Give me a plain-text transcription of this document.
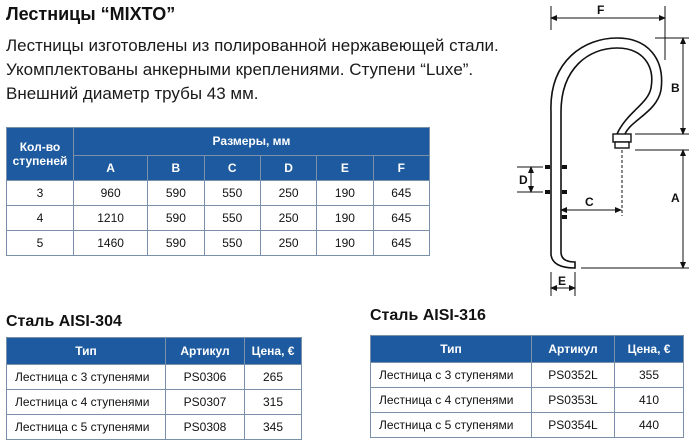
Лестницы “MIXTO”
Лестницы изготовлены из полированной нержавеющей стали.
Укомплектованы анкерными креплениями. Ступени “Luxe”.
Внешний диаметр трубы 43 мм.
Кол-во
ступеней	Размеры, мм					
	A	B	C	D	E	F
3	960	590	550	250	190	645
4	1210	590	550	250	190	645
5	1460	590	550	250	190	645
Сталь AISI-304
Тип	Артикул	Цена, €
Лестница с 3 ступенями	PS0306	265
Лестница с 4 ступенями	PS0307	315
Лестница с 5 ступенями	PS0308	345
Сталь AISI-316
Тип	Артикул	Цена, €
Лестница с 3 ступенями	PS0352L	355
Лестница с 4 ступенями	PS0353L	410
Лестница с 5 ступенями	PS0354L	440
F
B
A
C
D
E
